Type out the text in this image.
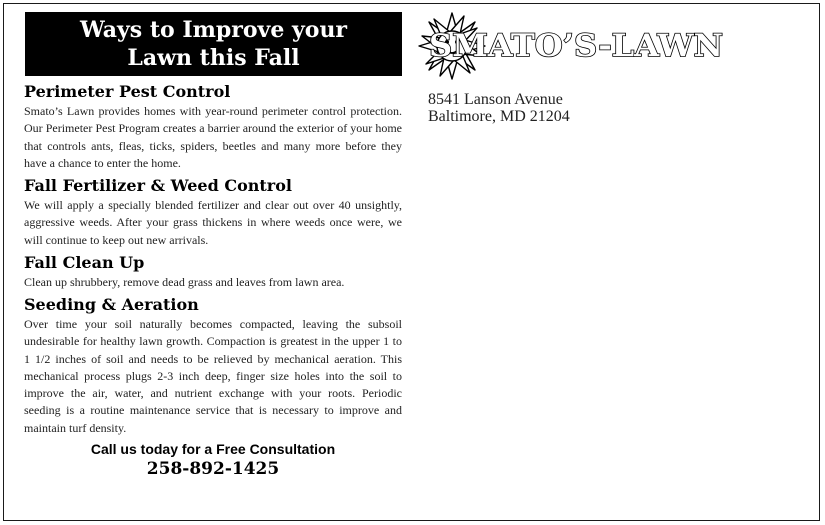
Ways to Improve your
Lawn this Fall
Perimeter Pest Control
Smato’s Lawn provides homes with year-round perimeter control protection. Our Perimeter Pest Program creates a barrier around the exterior of your home that controls ants, fleas, ticks, spiders, beetles and many more before they have a chance to enter the home.
Fall Fertilizer & Weed Control
We will apply a specially blended fertilizer and clear out over 40 unsightly, aggressive weeds. After your grass thickens in where weeds once were, we will continue to keep out new arrivals.
Fall Clean Up
Clean up shrubbery, remove dead grass and leaves from lawn area.
Seeding & Aeration
Over time your soil naturally becomes compacted, leaving the subsoil undesirable for healthy lawn growth. Compaction is greatest in the upper 1 to 1 1/2 inches of soil and needs to be relieved by mechanical aeration. This mechanical process plugs 2-3 inch deep, finger size holes into the soil to improve the air, water, and nutrient exchange with your roots. Periodic seeding is a routine maintenance service that is necessary to improve and maintain turf density.
Call us today for a Free Consultation
258-892-1425
SMATO’S-LAWN
8541 Lanson Avenue
Baltimore, MD 21204
